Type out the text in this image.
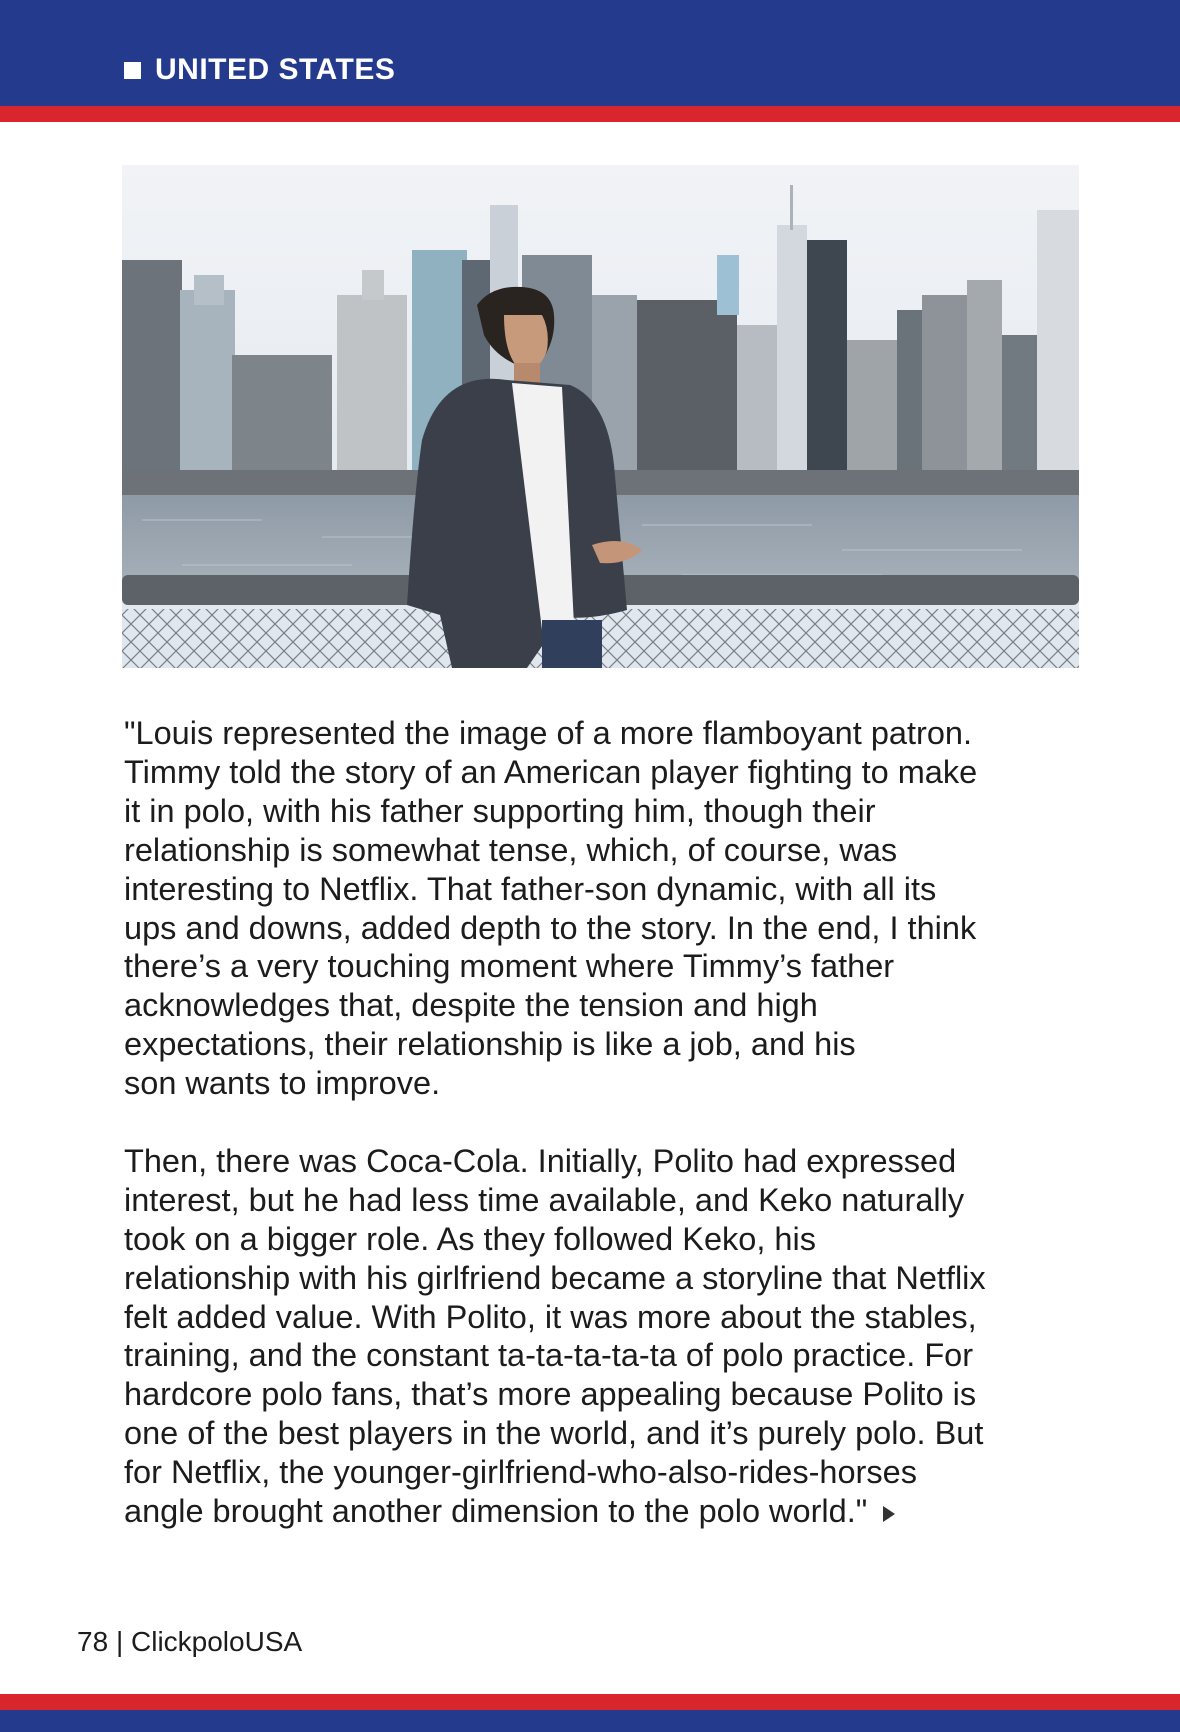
UNITED STATES

"Louis represented the image of a more flamboyant patron.
Timmy told the story of an American player fighting to make
it in polo, with his father supporting him, though their
relationship is somewhat tense, which, of course, was
interesting to Netflix. That father-son dynamic, with all its
ups and downs, added depth to the story. In the end, I think
there’s a very touching moment where Timmy’s father
acknowledges that, despite the tension and high
expectations, their relationship is like a job, and his
son wants to improve.

Then, there was Coca-Cola. Initially, Polito had expressed
interest, but he had less time available, and Keko naturally
took on a bigger role. As they followed Keko, his
relationship with his girlfriend became a storyline that Netflix
felt added value. With Polito, it was more about the stables,
training, and the constant ta-ta-ta-ta-ta of polo practice. For
hardcore polo fans, that’s more appealing because Polito is
one of the best players in the world, and it’s purely polo. But
for Netflix, the younger-girlfriend-who-also-rides-horses
angle brought another dimension to the polo world."

78 | ClickpoloUSA
